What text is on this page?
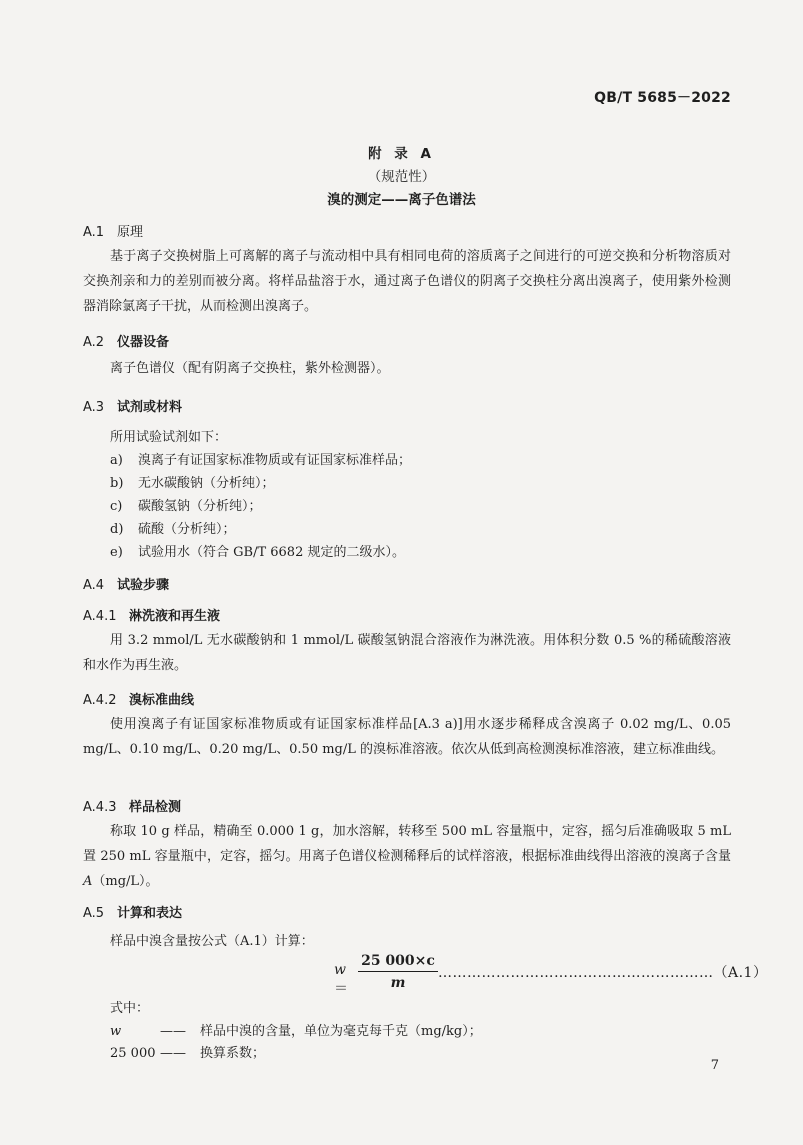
QB/T 5685－2022
附 录 A
（规范性）
溴的测定——离子色谱法
A.1 原理
基于离子交换树脂上可离解的离子与流动相中具有相同电荷的溶质离子之间进行的可逆交换和分析物溶质对交换剂亲和力的差别而被分离。将样品盐溶于水，通过离子色谱仪的阴离子交换柱分离出溴离子，使用紫外检测器消除氯离子干扰，从而检测出溴离子。
A.2 仪器设备
离子色谱仪（配有阴离子交换柱，紫外检测器）。
A.3 试剂或材料
所用试验试剂如下：
a) 溴离子有证国家标准物质或有证国家标准样品；
b) 无水碳酸钠（分析纯）；
c) 碳酸氢钠（分析纯）；
d) 硫酸（分析纯）；
e) 试验用水（符合 GB/T 6682 规定的二级水）。
A.4 试验步骤
A.4.1 淋洗液和再生液
用 3.2 mmol/L 无水碳酸钠和 1 mmol/L 碳酸氢钠混合溶液作为淋洗液。用体积分数 0.5 %的稀硫酸溶液和水作为再生液。
A.4.2 溴标准曲线
使用溴离子有证国家标准物质或有证国家标准样品[A.3 a)]用水逐步稀释成含溴离子 0.02 mg/L、0.05 mg/L、0.10 mg/L、0.20 mg/L、0.50 mg/L 的溴标准溶液。依次从低到高检测溴标准溶液，建立标准曲线。
A.4.3 样品检测
称取 10 g 样品，精确至 0.000 1 g，加水溶解，转移至 500 mL 容量瓶中，定容，摇匀后准确吸取 5 mL 置 250 mL 容量瓶中，定容，摇匀。用离子色谱仪检测稀释后的试样溶液，根据标准曲线得出溶液的溴离子含量 A（mg/L）。
A.5 计算和表达
样品中溴含量按公式（A.1）计算：
w＝
25 000×c
m
…………………………………………………（A.1）
式中：
w	—— 样品中溴的含量，单位为毫克每千克（mg/kg）；
25 000 —— 换算系数；
7
